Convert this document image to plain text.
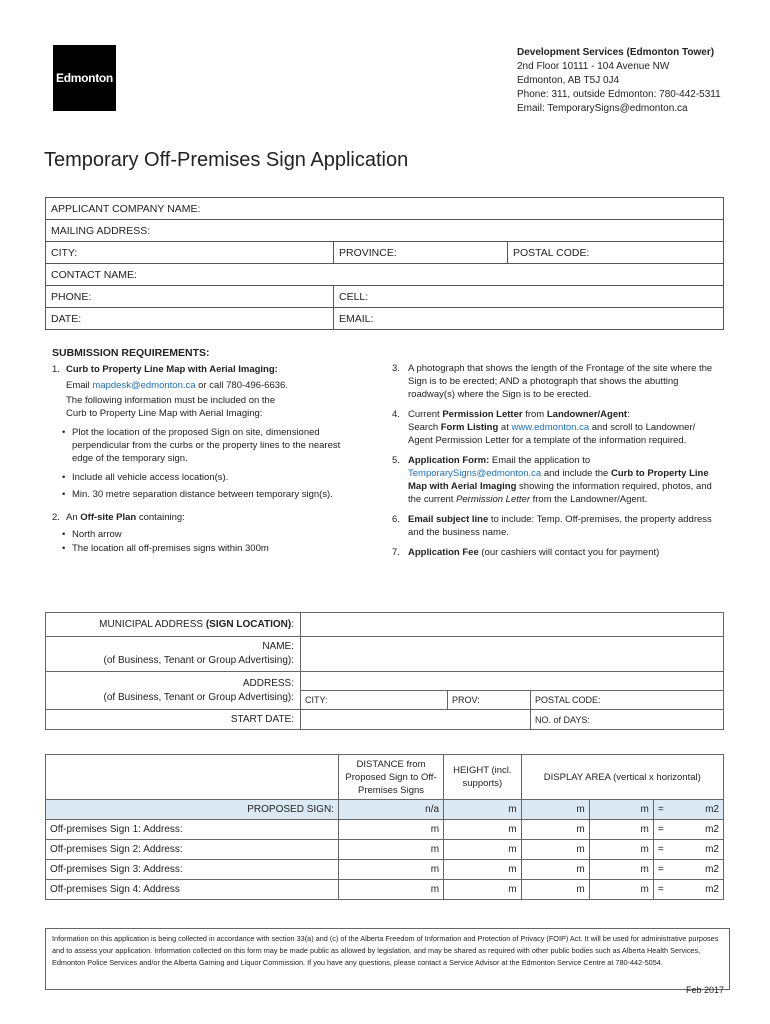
Edmonton
Development Services (Edmonton Tower)
2nd Floor 10111 - 104 Avenue NW
Edmonton, AB T5J 0J4
Phone: 311, outside Edmonton: 780-442-5311
Email: TemporarySigns@edmonton.ca
Temporary Off-Premises Sign Application
APPLICANT COMPANY NAME:		
MAILING ADDRESS:		
CITY:	PROVINCE:	POSTAL CODE:
CONTACT NAME:		
PHONE:	CELL:	
DATE:	EMAIL:	
SUBMISSION REQUIREMENTS:
1. Curb to Property Line Map with Aerial Imaging:
Email mapdesk@edmonton.ca or call 780-496-6636.
The following information must be included on the
Curb to Property Line Map with Aerial Imaging:
• Plot the location of the proposed Sign on site, dimensioned perpendicular from the curbs or the property lines to the nearest edge of the temporary sign.
• Include all vehicle access location(s).
• Min. 30 metre separation distance between temporary sign(s).
2. An Off-site Plan containing:
• North arrow
• The location all off-premises signs within 300m
3. A photograph that shows the length of the Frontage of the site where the Sign is to be erected; AND a photograph that shows the abutting roadway(s) where the Sign is to be erected.
4. Current Permission Letter from Landowner/Agent:
Search Form Listing at www.edmonton.ca and scroll to Landowner/ Agent Permission Letter for a template of the information required.
5. Application Form: Email the application to
TemporarySigns@edmonton.ca and include the Curb to Property Line Map with Aerial Imaging showing the information required, photos, and the current Permission Letter from the Landowner/Agent.
6. Email subject line to include: Temp. Off-premises, the property address and the business name.
7. Application Fee (our cashiers will contact you for payment)
MUNICIPAL ADDRESS (SIGN LOCATION):			

NAME:
(of Business, Tenant or Group Advertising):			

ADDRESS:
(of Business, Tenant or Group Advertising):			

	CITY:	PROV:	POSTAL CODE:
START DATE:			NO. of DAYS:
	DISTANCE from Proposed Sign to Off- Premises Signs	HEIGHT (incl. supports)	DISPLAY AREA (vertical x horizontal)		
PROPOSED SIGN:	n/a	m	m	m	= m2

Off-premises Sign 1: Address:	m	m	m	m	= m2

Off-premises Sign 2: Address:	m	m	m	m	= m2

Off-premises Sign 3: Address:	m	m	m	m	= m2

Off-premises Sign 4: Address	m	m	m	m	= m2
Information on this application is being collected in accordance with section 33(a) and (c) of the Alberta Freedom of Information and Protection of Privacy (FOIP) Act. It will be used for administrative purposes and to assess your application. Information collected on this form may be made public as allowed by legislation, and may be shared as required with other public bodies such as Alberta Health Services, Edmonton Police Services and/or the Alberta Gaming and Liquor Commission. If you have any questions, please contact a Service Advisor at the Edmonton Service Centre at 780-442-5054.
Feb 2017
